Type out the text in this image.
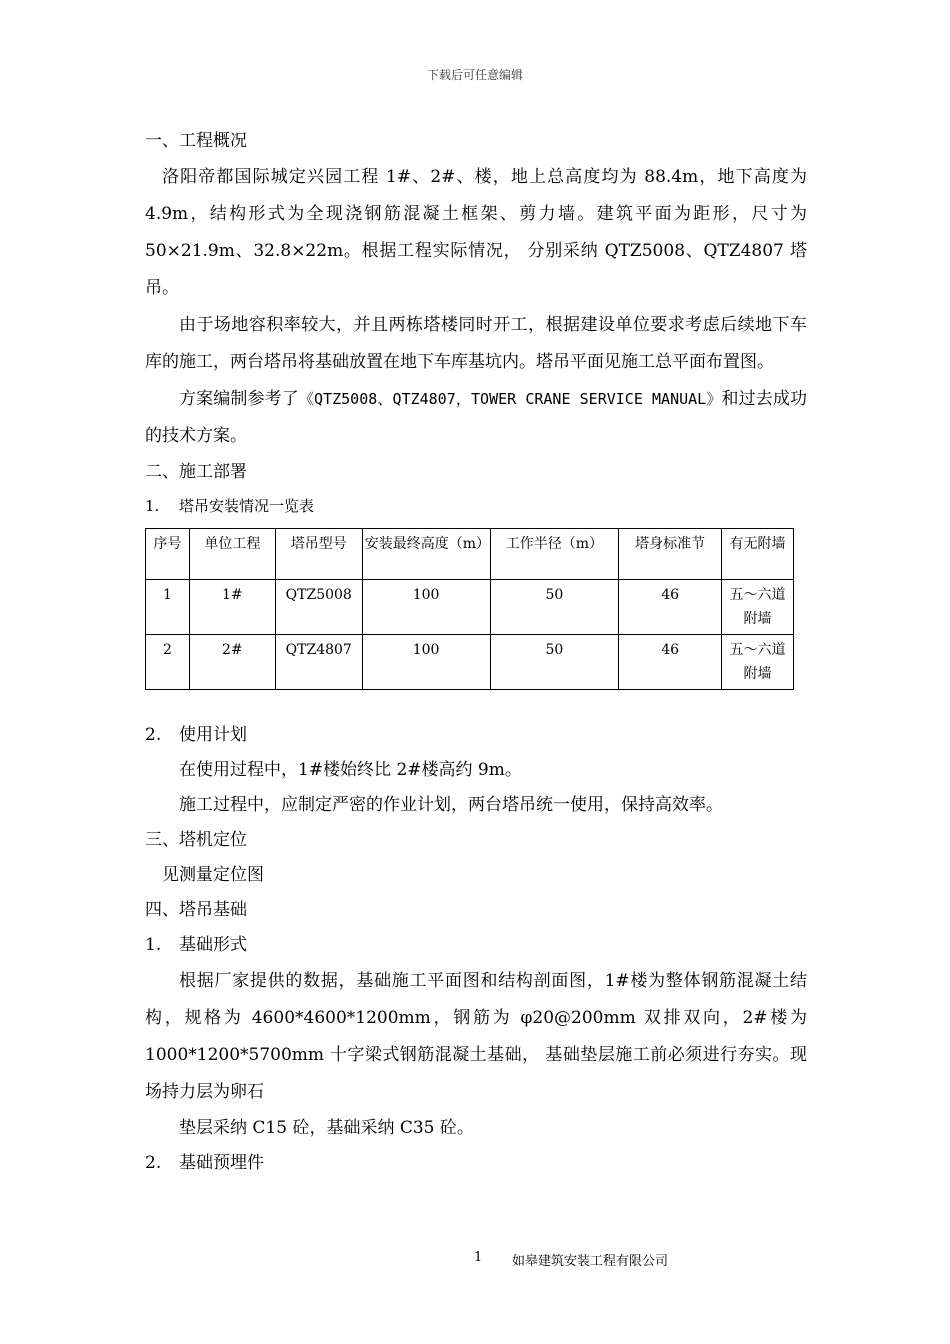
下载后可任意编辑
一、工程概况
洛阳帝都国际城定兴园工程 1#、2#、楼，地上总高度均为 88.4m，地下高度为 4.9m，结构形式为全现浇钢筋混凝土框架、剪力墙。建筑平面为距形，尺寸为 50×21.9m、32.8×22m。根据工程实际情况， 分别采纳 QTZ5008、QTZ4807 塔吊。
由于场地容积率较大，并且两栋塔楼同时开工，根据建设单位要求考虑后续地下车库的施工，两台塔吊将基础放置在地下车库基坑内。塔吊平面见施工总平面布置图。
方案编制参考了《QTZ5008、QTZ4807，TOWER CRANE SERVICE MANUAL》和过去成功的技术方案。
二、施工部署
1. 塔吊安装情况一览表
序号	单位工程	塔吊型号	安装最终高度（m）	工作半径（m）	塔身标准节	有无附墙
1	1#	QTZ5008	100	50	46	五～六道附墙
2	2#	QTZ4807	100	50	46	五～六道附墙
2. 使用计划
在使用过程中，1#楼始终比 2#楼高约 9m。
施工过程中，应制定严密的作业计划，两台塔吊统一使用，保持高效率。
三、塔机定位
见测量定位图
四、塔吊基础
1. 基础形式
根据厂家提供的数据，基础施工平面图和结构剖面图，1#楼为整体钢筋混凝土结构，规格为 4600*4600*1200mm，钢筋为 φ20@200mm 双排双向，2#楼为 1000*1200*5700mm 十字梁式钢筋混凝土基础， 基础垫层施工前必须进行夯实。现场持力层为卵石
垫层采纳 C15 砼，基础采纳 C35 砼。
2. 基础预埋件
1 如皋建筑安装工程有限公司
